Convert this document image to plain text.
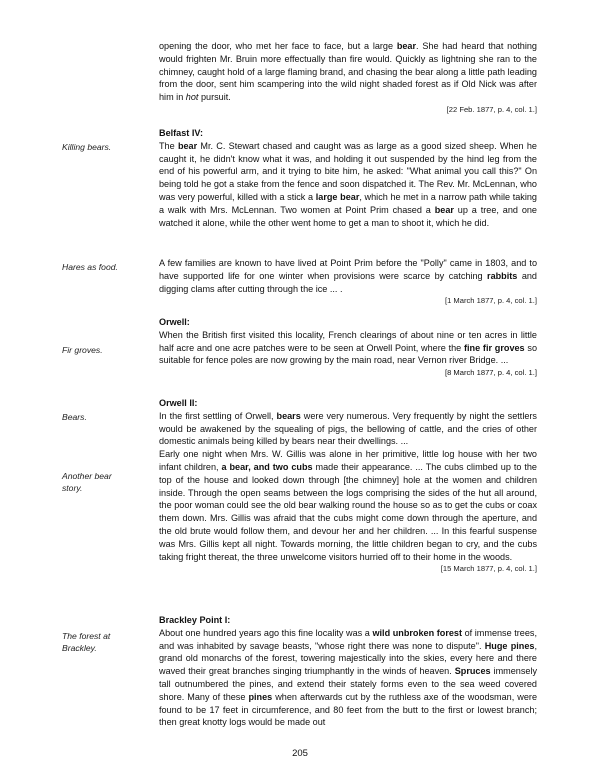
opening the door, who met her face to face, but a large bear. She had heard that nothing would frighten Mr. Bruin more effectually than fire would. Quickly as lightning she ran to the chimney, caught hold of a large flaming brand, and chasing the bear along a little path leading from the door, sent him scampering into the wild night shaded forest as if Old Nick was after him in hot pursuit.
[22 Feb. 1877, p. 4, col. 1.]
Killing bears.
Belfast IV:
The bear Mr. C. Stewart chased and caught was as large as a good sized sheep. When he caught it, he didn't know what it was, and holding it out suspended by the hind leg from the end of his powerful arm, and it trying to bite him, he asked: "What animal you call this?" On being told he got a stake from the fence and soon dispatched it. The Rev. Mr. McLennan, who was very powerful, killed with a stick a large bear, which he met in a narrow path while taking a walk with Mrs. McLennan. Two women at Point Prim chased a bear up a tree, and one watched it alone, while the other went home to get a man to shoot it, which he did.
Hares as food.	A few families are known to have lived at Point Prim before the "Polly" came in 1803, and to have supported life for one winter when provisions were scarce by catching rabbits and digging clams after cutting through the ice ... .
[1 March 1877, p. 4, col. 1.]
Fir groves.
Orwell:
When the British first visited this locality, French clearings of about nine or ten acres in little half acre and one acre patches were to be seen at Orwell Point, where the fine fir groves so suitable for fence poles are now growing by the main road, near Vernon river Bridge. ...
[8 March 1877, p. 4, col. 1.]
Bears.
Another bear story.
Orwell II:
In the first settling of Orwell, bears were very numerous. Very frequently by night the settlers would be awakened by the squealing of pigs, the bellowing of cattle, and the cries of other domestic animals being killed by bears near their dwellings. ...
Early one night when Mrs. W. Gillis was alone in her primitive, little log house with her two infant children, a bear, and two cubs made their appearance. ... The cubs climbed up to the top of the house and looked down through [the chimney] hole at the women and children inside. Through the open seams between the logs comprising the sides of the hut all around, the poor woman could see the old bear walking round the house so as to get the cubs or coax them down. Mrs. Gillis was afraid that the cubs might come down through the aperture, and the old brute would follow them, and devour her and her children. ... In this fearful suspense was Mrs. Gillis kept all night. Towards morning, the little children began to cry, and the cubs taking fright thereat, the three unwelcome visitors hurried off to their home in the woods.
[15 March 1877, p. 4, col. 1.]
The forest at Brackley.
Brackley Point I:
About one hundred years ago this fine locality was a wild unbroken forest of immense trees, and was inhabited by savage beasts, "whose right there was none to dispute". Huge pines, grand old monarchs of the forest, towering majestically into the skies, every here and there waved their great branches singing triumphantly in the winds of heaven. Spruces immensely tall outnumbered the pines, and extend their stately forms even to the sea weed covered shore. Many of these pines when afterwards cut by the ruthless axe of the woodsman, were found to be 17 feet in circumference, and 80 feet from the butt to the first or lowest branch; then great knotty logs would be made out
205
